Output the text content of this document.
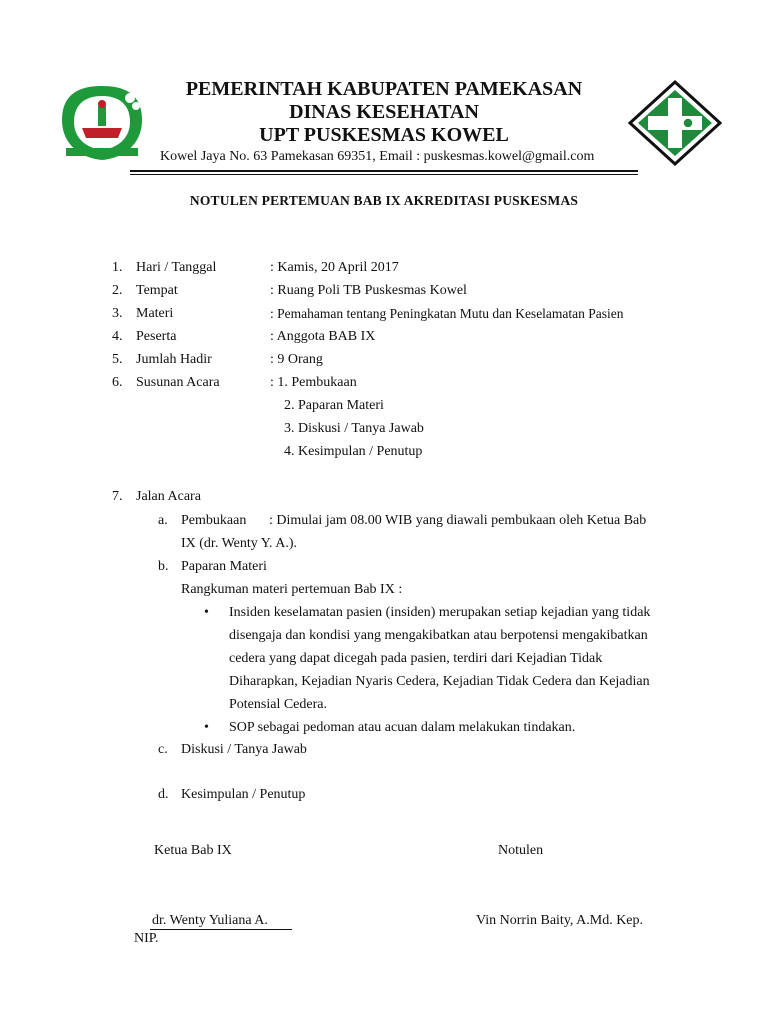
PEMERINTAH KABUPATEN PAMEKASAN
DINAS KESEHATAN
UPT PUSKESMAS KOWEL
Kowel Jaya No. 63 Pamekasan 69351, Email : puskesmas.kowel@gmail.com
NOTULEN PERTEMUAN BAB IX AKREDITASI PUSKESMAS
1. Hari / Tanggal	: Kamis, 20 April 2017
2. Tempat	: Ruang Poli TB Puskesmas Kowel
3. Materi	: Pemahaman tentang Peningkatan Mutu dan Keselamatan Pasien
4. Peserta	: Anggota BAB IX
5. Jumlah Hadir	: 9 Orang
6. Susunan Acara	: 1. Pembukaan
2. Paparan Materi
3. Diskusi / Tanya Jawab
4. Kesimpulan / Penutup
7. Jalan Acara
a. Pembukaan : Dimulai jam 08.00 WIB yang diawali pembukaan oleh Ketua Bab
IX (dr. Wenty Y. A.).
b. Paparan Materi
Rangkuman materi pertemuan Bab IX :
• Insiden keselamatan pasien (insiden) merupakan setiap kejadian yang tidak
disengaja dan kondisi yang mengakibatkan atau berpotensi mengakibatkan
cedera yang dapat dicegah pada pasien, terdiri dari Kejadian Tidak
Diharapkan, Kejadian Nyaris Cedera, Kejadian Tidak Cedera dan Kejadian
Potensial Cedera.
• SOP sebagai pedoman atau acuan dalam melakukan tindakan.
c. Diskusi / Tanya Jawab
d. Kesimpulan / Penutup
Ketua Bab IX	Notulen
dr. Wenty Yuliana A.
NIP.
Vin Norrin Baity, A.Md. Kep.
